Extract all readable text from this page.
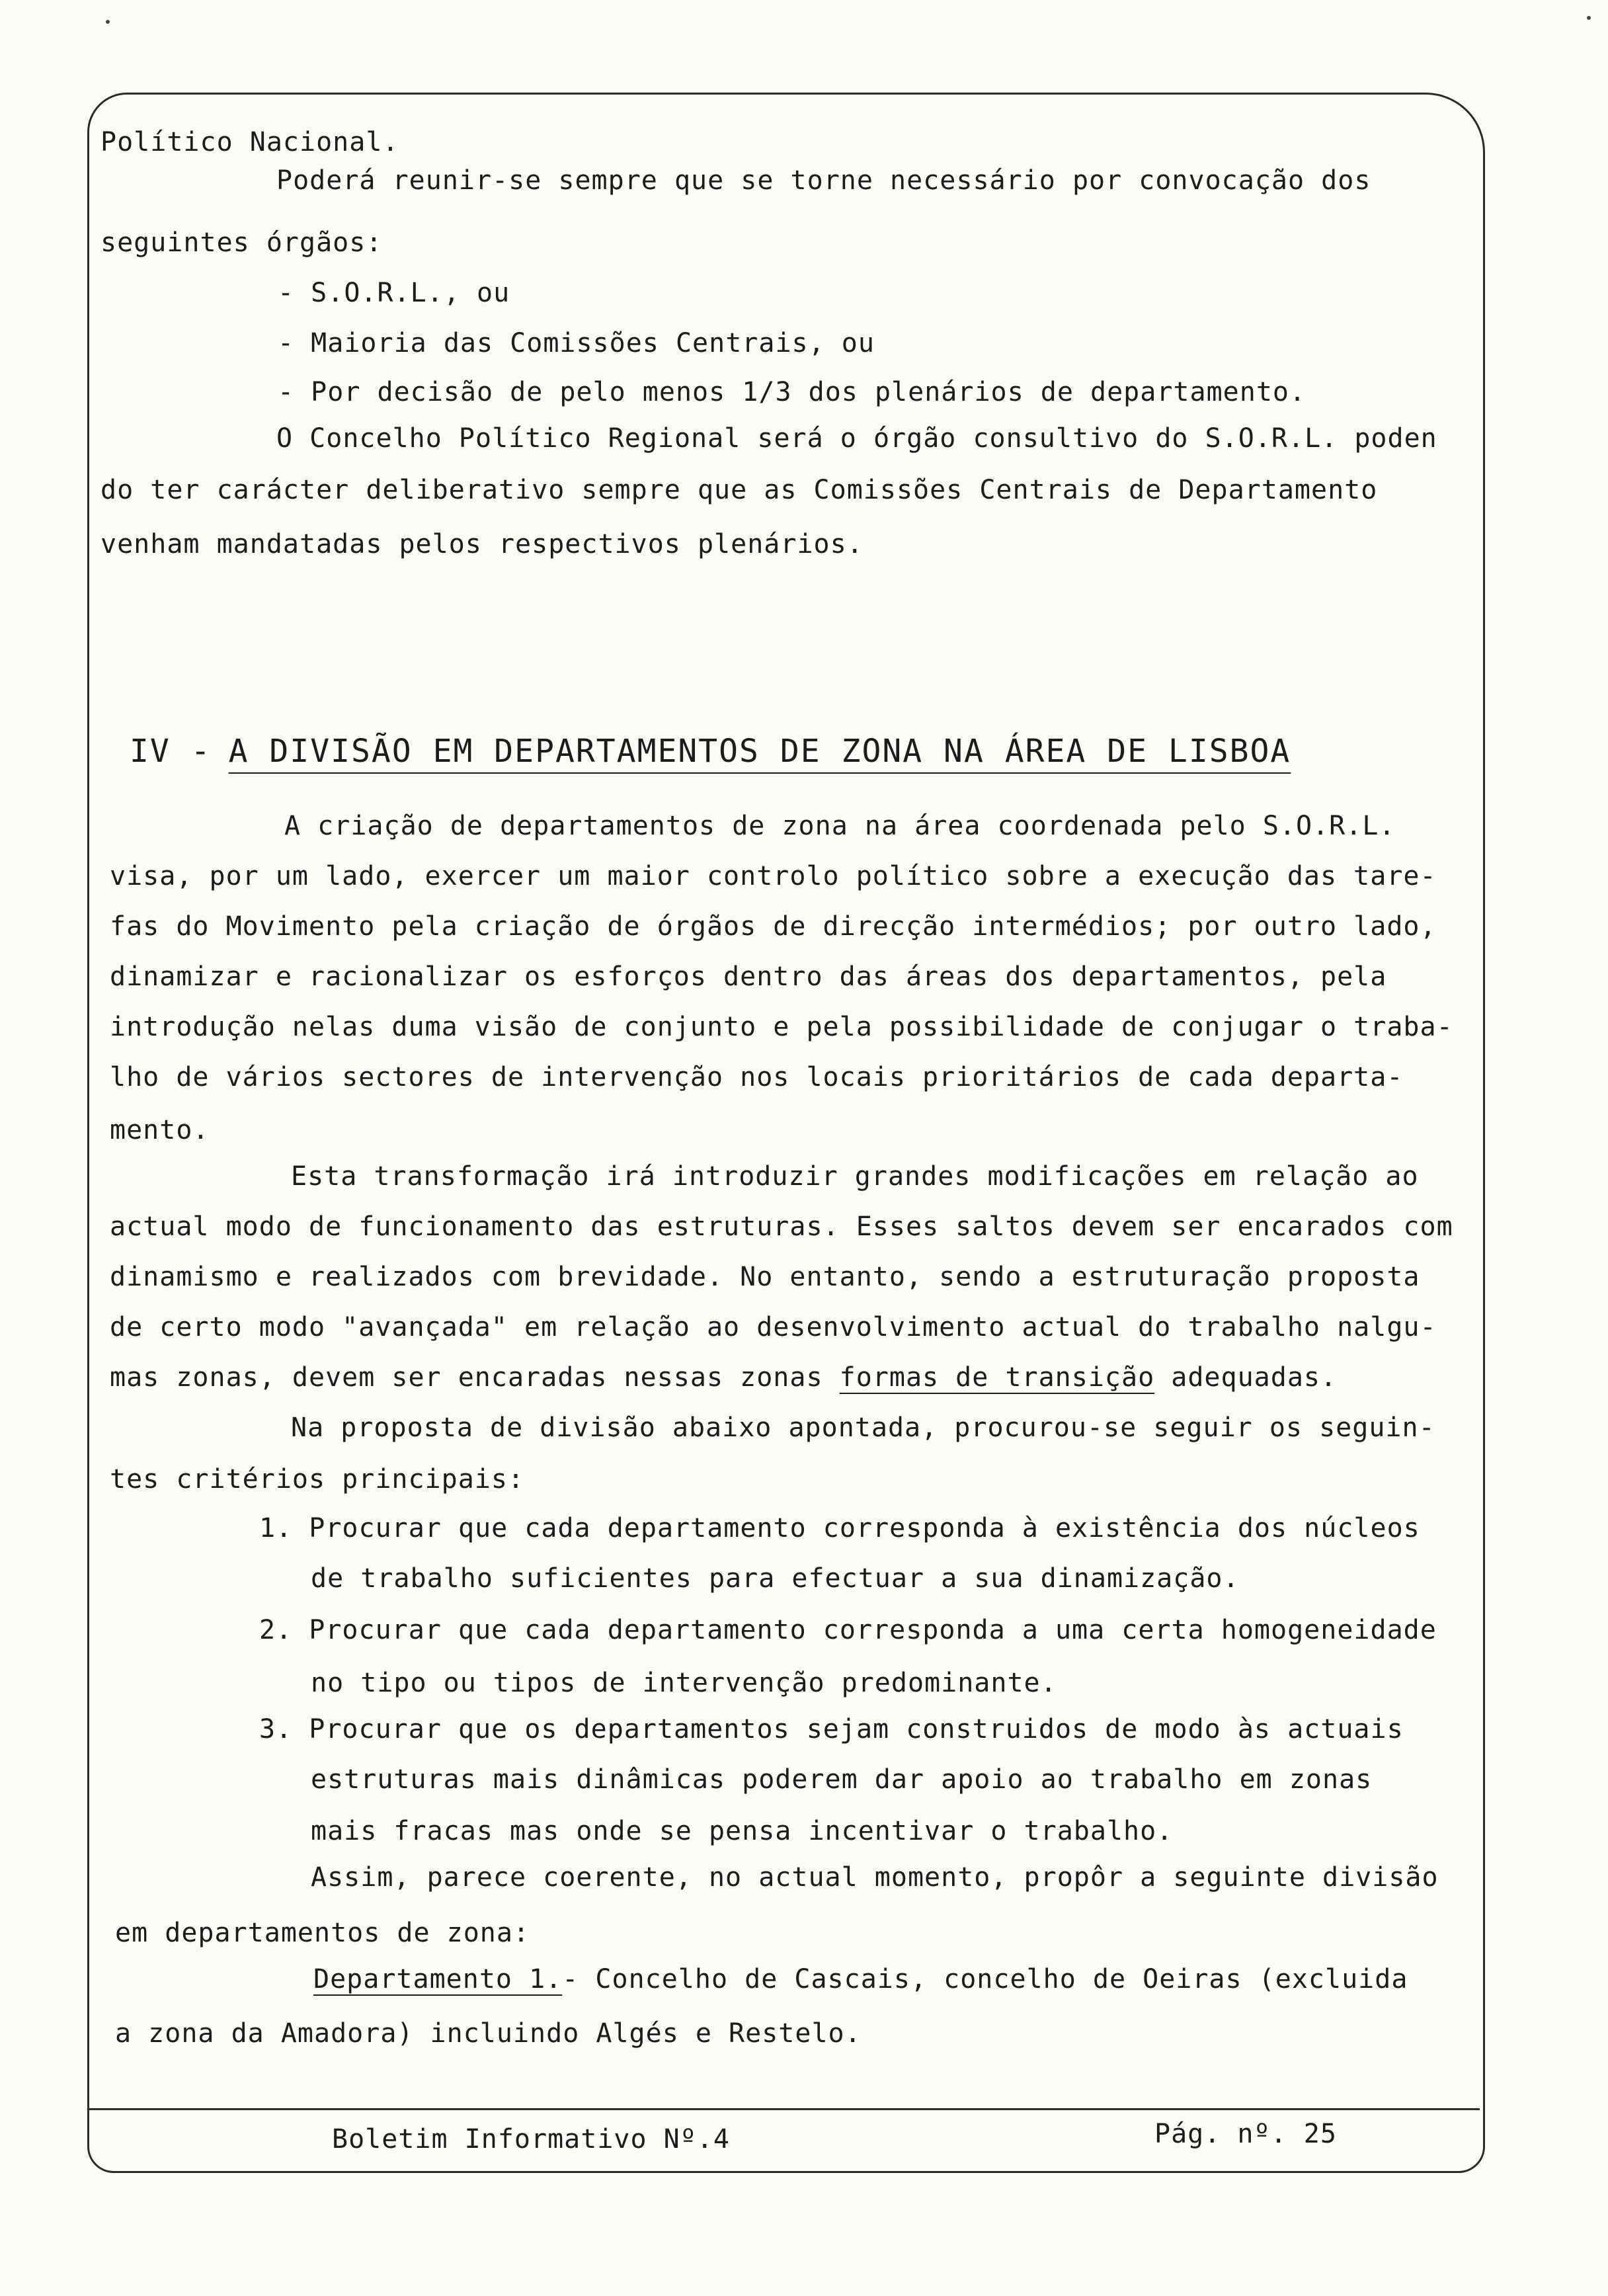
Político Nacional.
Poderá reunir-se sempre que se torne necessário por convocação dos
seguintes órgãos:
- S.O.R.L., ou
- Maioria das Comissões Centrais, ou
- Por decisão de pelo menos 1/3 dos plenários de departamento.
O Concelho Político Regional será o órgão consultivo do S.O.R.L. poden
do ter carácter deliberativo sempre que as Comissões Centrais de Departamento
venham mandatadas pelos respectivos plenários.
IV - A DIVISÃO EM DEPARTAMENTOS DE ZONA NA ÁREA DE LISBOA
A criação de departamentos de zona na área coordenada pelo S.O.R.L.
visa, por um lado, exercer um maior controlo político sobre a execução das tare-
fas do Movimento pela criação de órgãos de direcção intermédios; por outro lado,
dinamizar e racionalizar os esforços dentro das áreas dos departamentos, pela
introdução nelas duma visão de conjunto e pela possibilidade de conjugar o traba-
lho de vários sectores de intervenção nos locais prioritários de cada departa-
mento.
Esta transformação irá introduzir grandes modificações em relação ao
actual modo de funcionamento das estruturas. Esses saltos devem ser encarados com
dinamismo e realizados com brevidade. No entanto, sendo a estruturação proposta
de certo modo "avançada" em relação ao desenvolvimento actual do trabalho nalgu-
mas zonas, devem ser encaradas nessas zonas formas de transição adequadas.
Na proposta de divisão abaixo apontada, procurou-se seguir os seguin-
tes critérios principais:
1. Procurar que cada departamento corresponda à existência dos núcleos
de trabalho suficientes para efectuar a sua dinamização.
2. Procurar que cada departamento corresponda a uma certa homogeneidade
no tipo ou tipos de intervenção predominante.
3. Procurar que os departamentos sejam construidos de modo às actuais
estruturas mais dinâmicas poderem dar apoio ao trabalho em zonas
mais fracas mas onde se pensa incentivar o trabalho.
Assim, parece coerente, no actual momento, propôr a seguinte divisão
em departamentos de zona:
Departamento 1.- Concelho de Cascais, concelho de Oeiras (excluida
a zona da Amadora) incluindo Algés e Restelo.
Boletim Informativo Nº.4	Pág. nº. 25
